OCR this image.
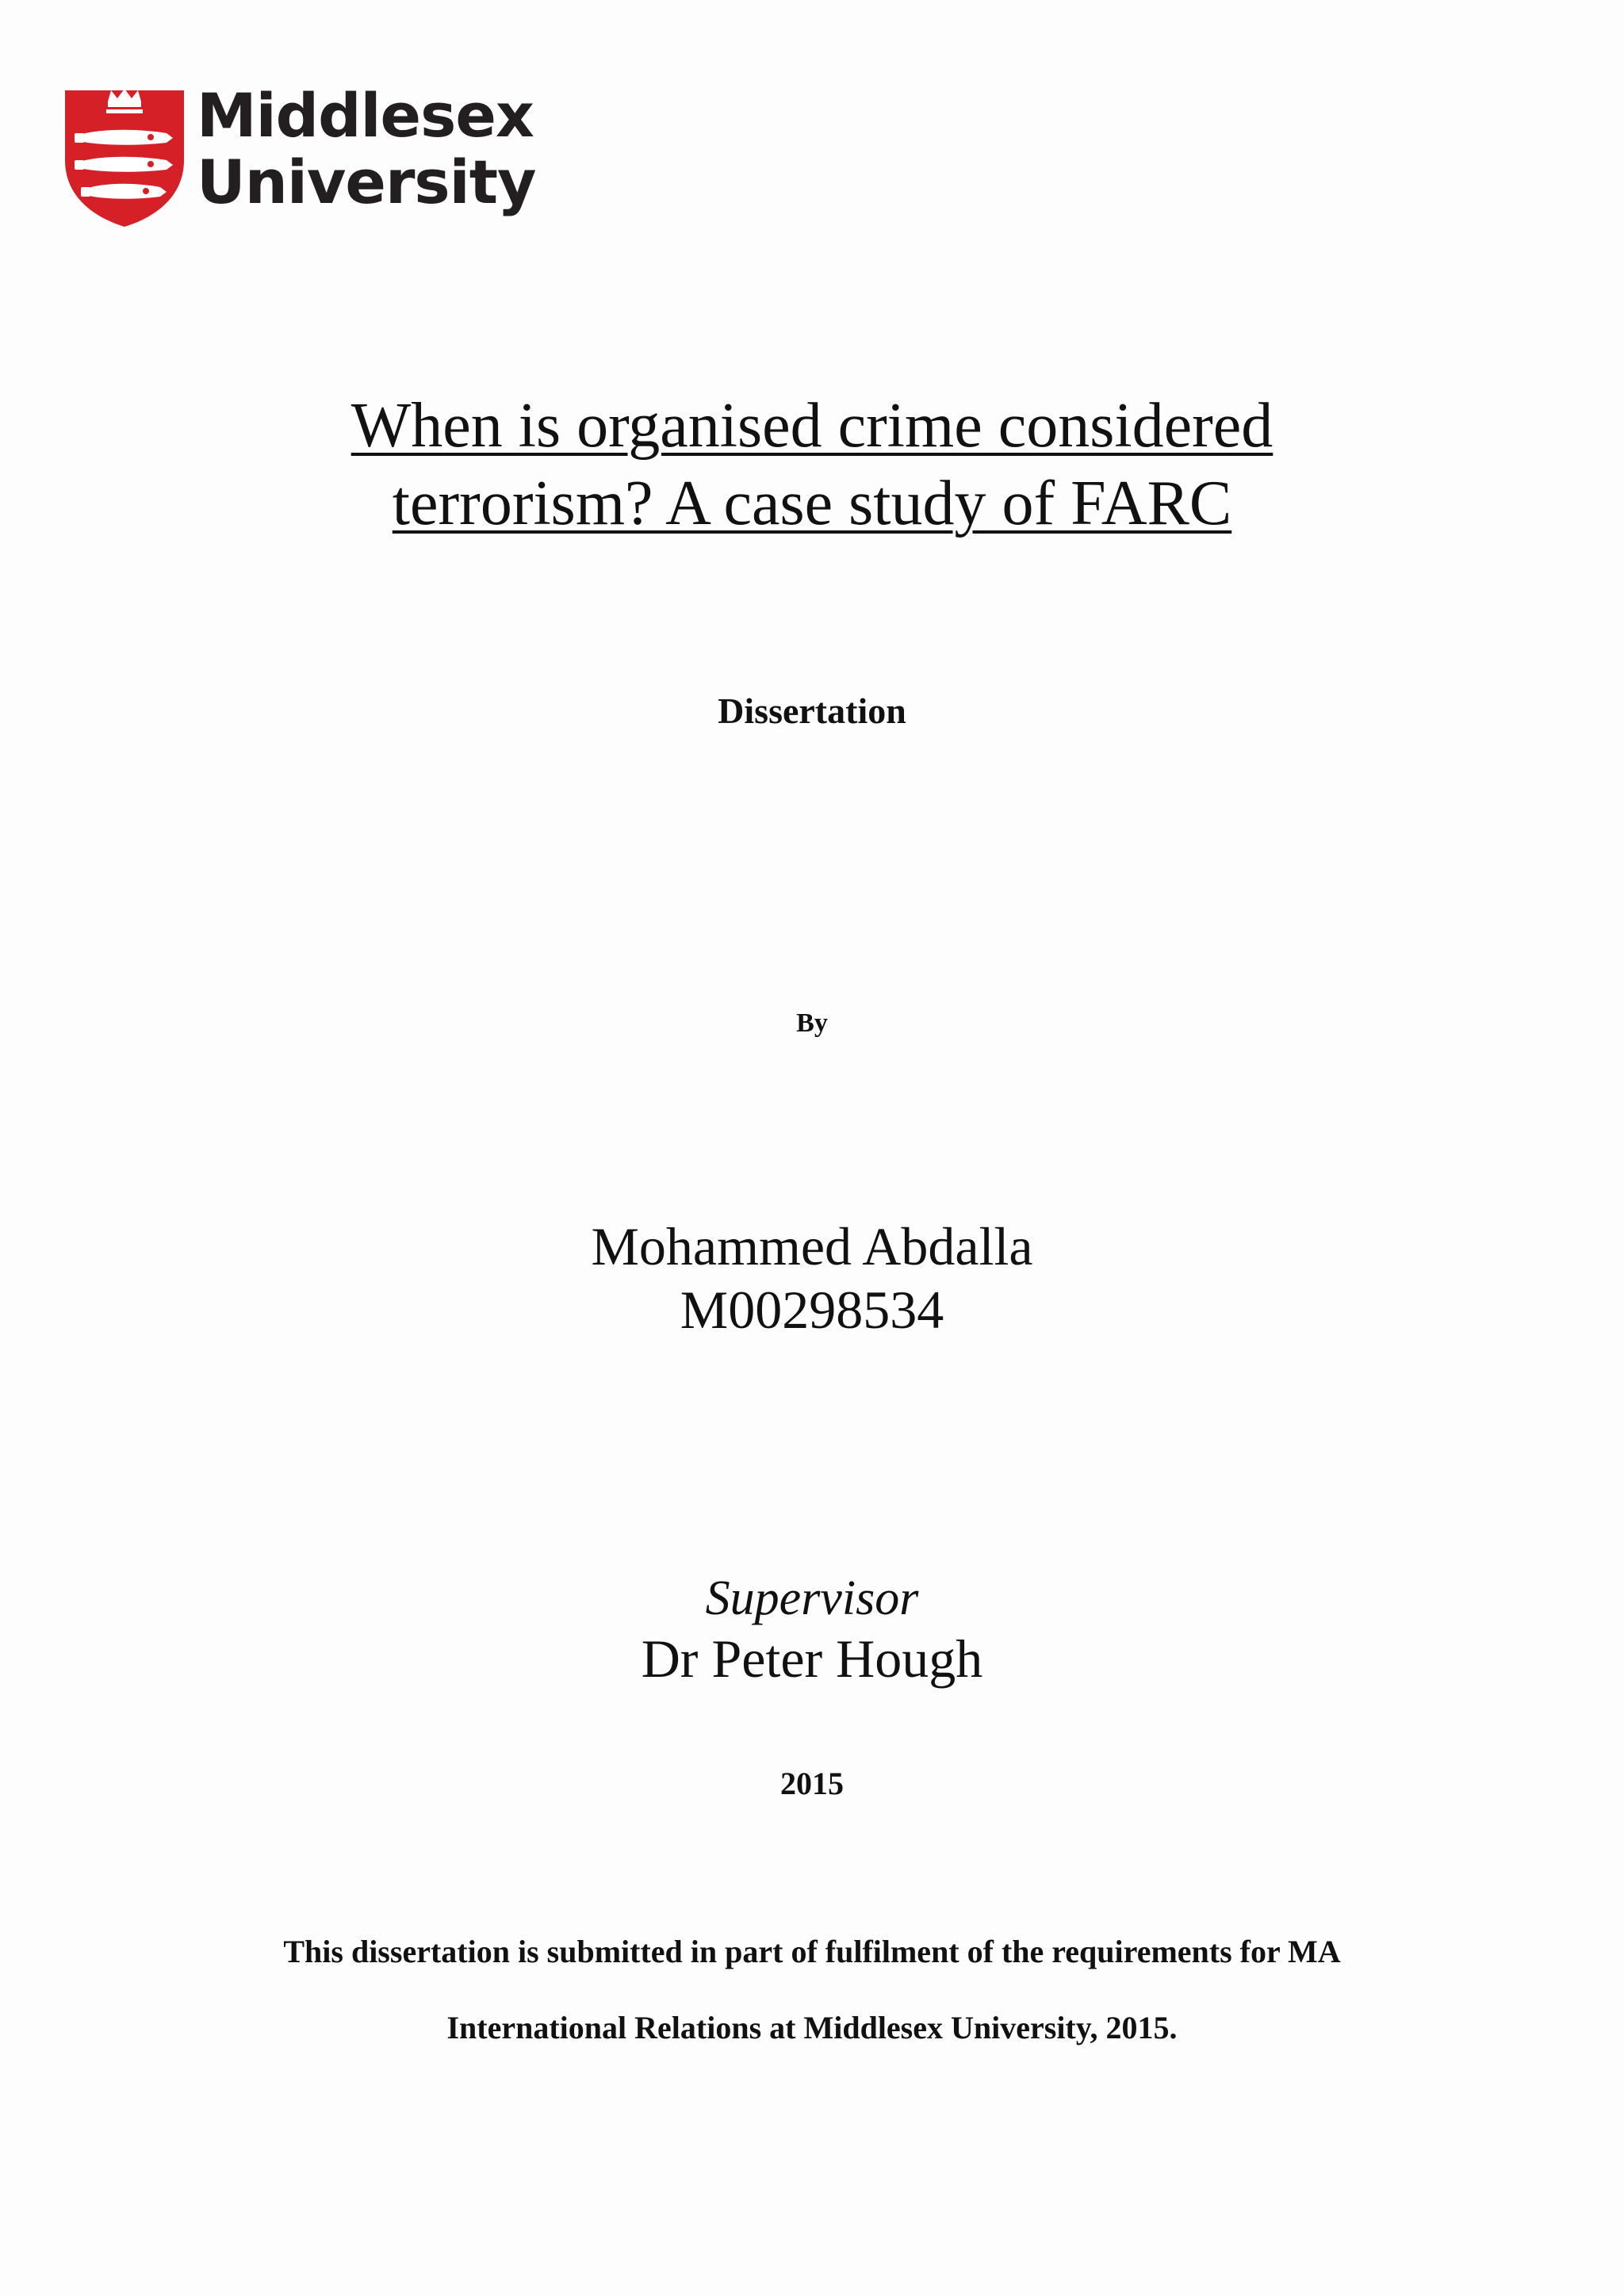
Middlesex
University
When is organised crime considered
terrorism? A case study of FARC
Dissertation
By
Mohammed Abdalla
M00298534
Supervisor
Dr Peter Hough
2015
This dissertation is submitted in part of fulfilment of the requirements for MA
International Relations at Middlesex University, 2015.
